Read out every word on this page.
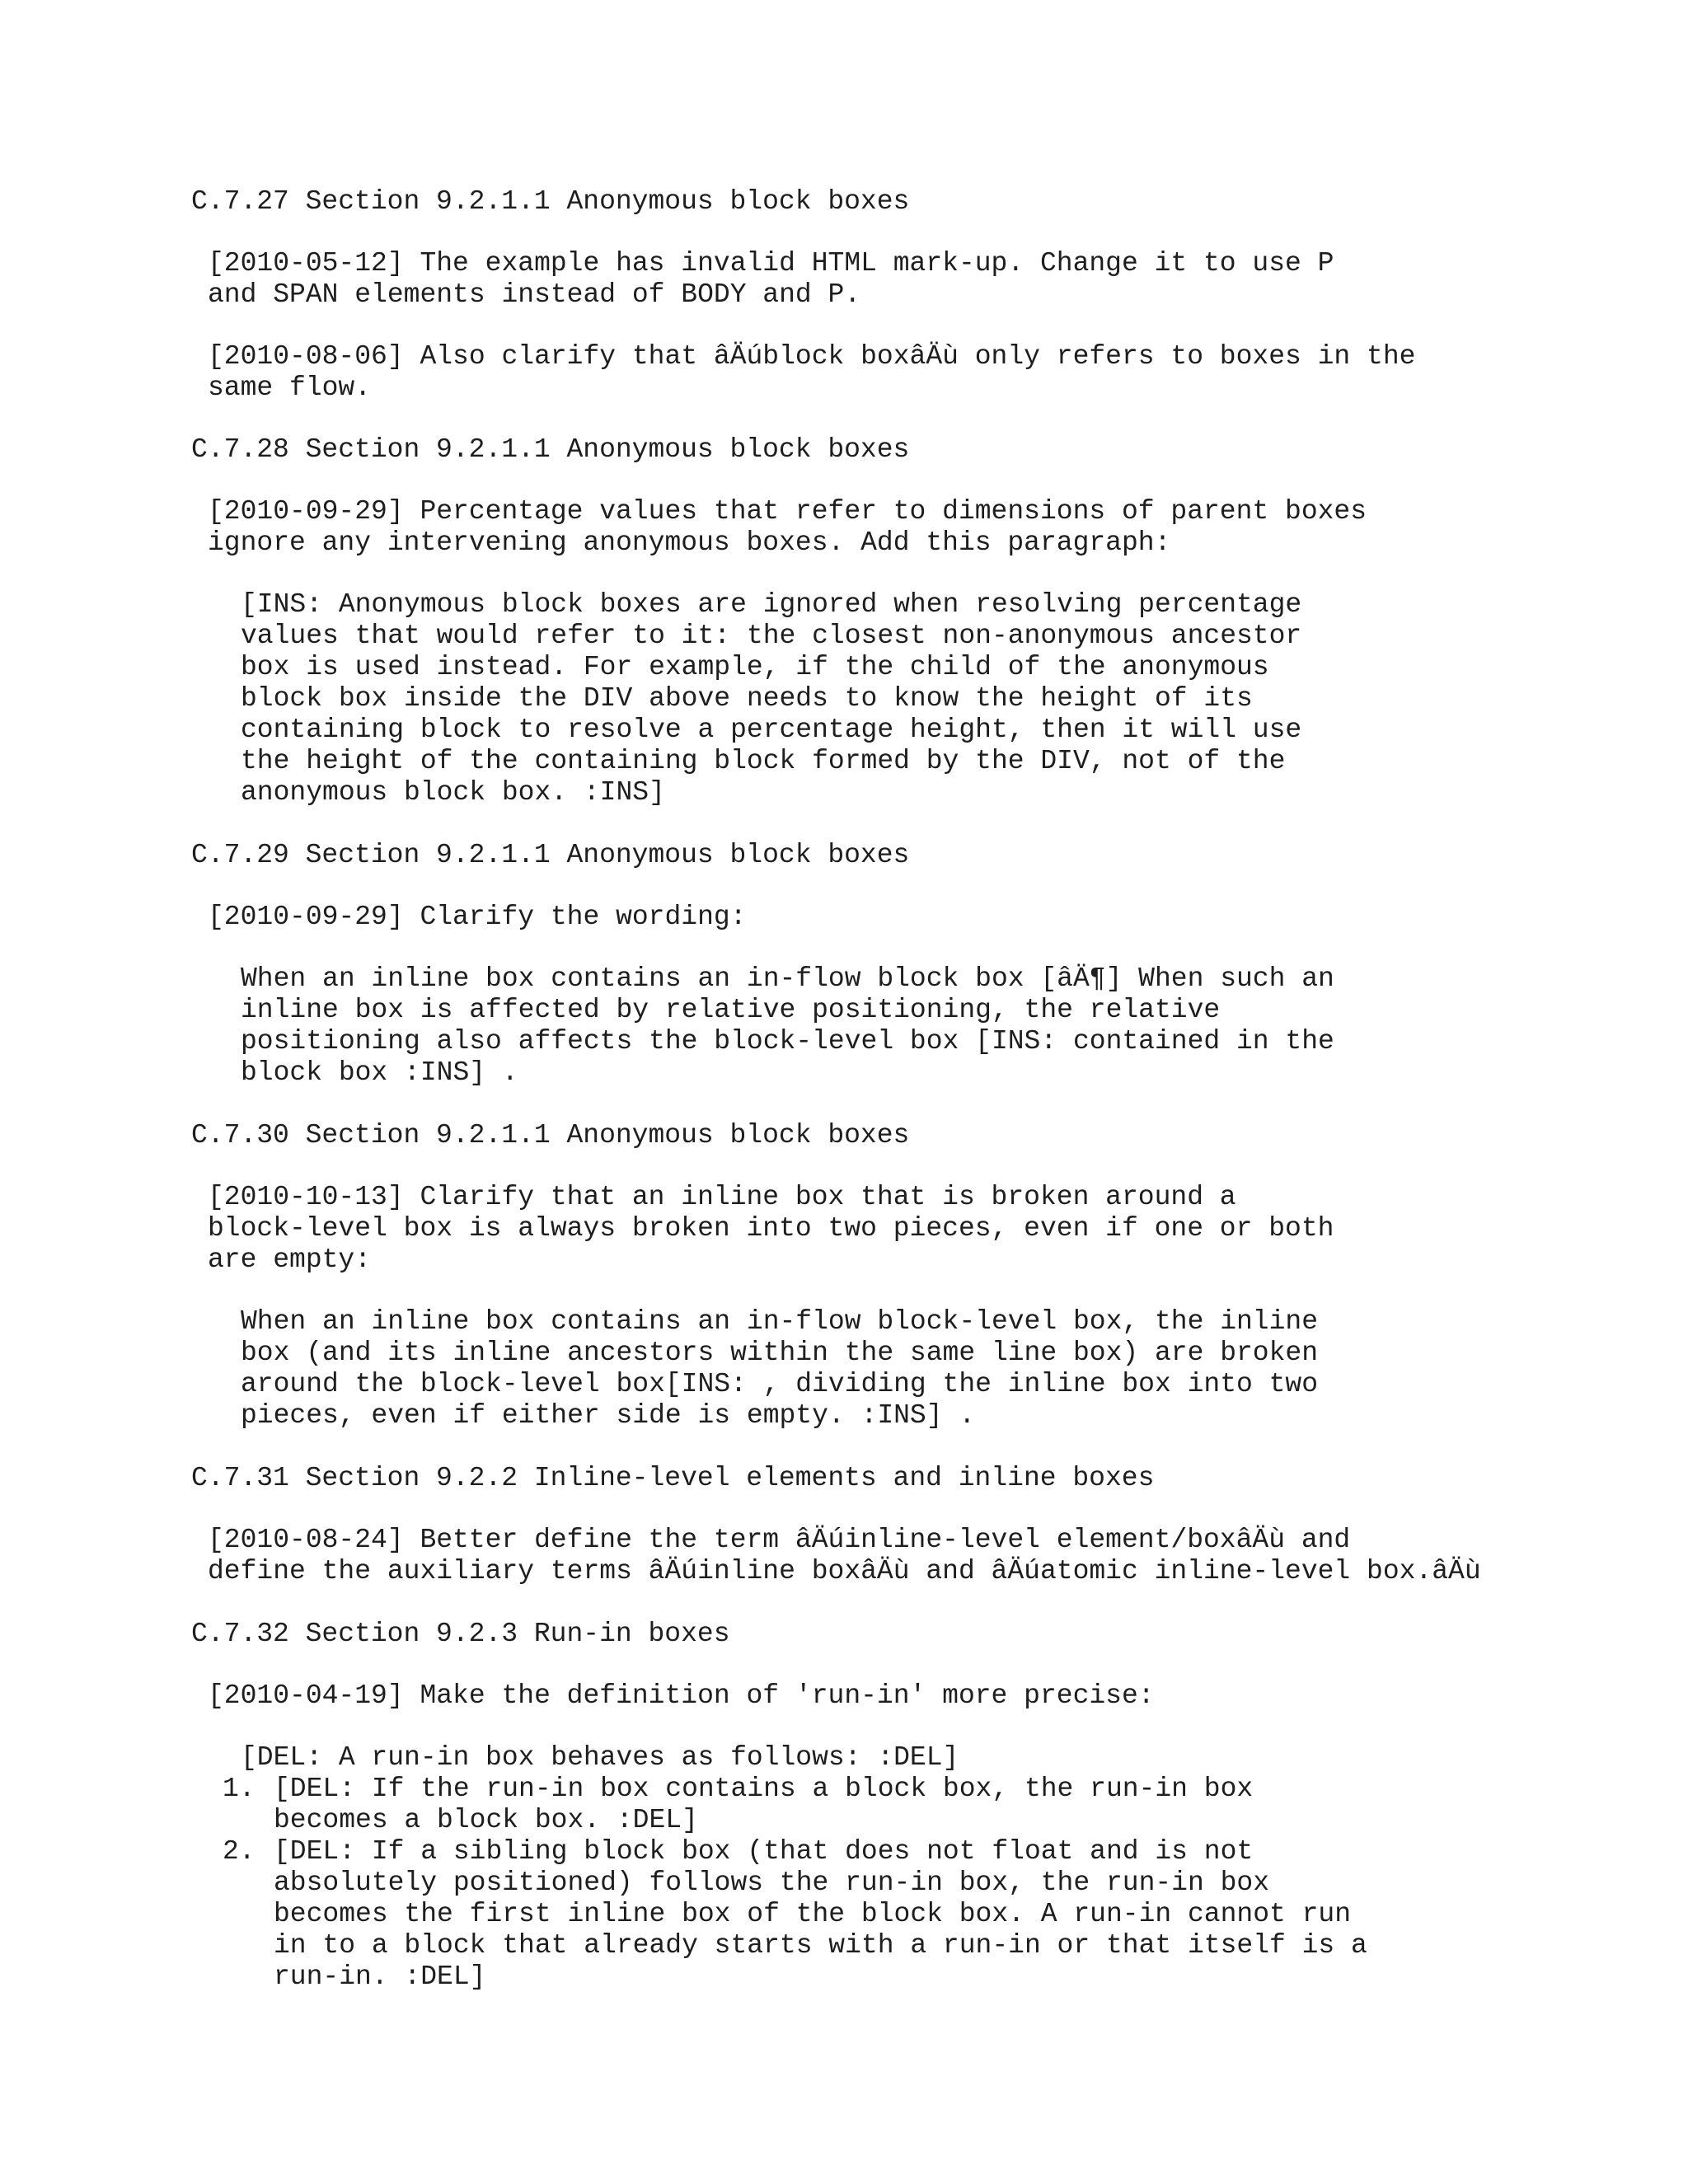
C.7.27 Section 9.2.1.1 Anonymous block boxes
[2010-05-12] The example has invalid HTML mark-up. Change it to use P
and SPAN elements instead of BODY and P.
[2010-08-06] Also clarify that âÄúblock boxâÄù only refers to boxes in the
same flow.
C.7.28 Section 9.2.1.1 Anonymous block boxes
[2010-09-29] Percentage values that refer to dimensions of parent boxes
ignore any intervening anonymous boxes. Add this paragraph:
[INS: Anonymous block boxes are ignored when resolving percentage
values that would refer to it: the closest non-anonymous ancestor
box is used instead. For example, if the child of the anonymous
block box inside the DIV above needs to know the height of its
containing block to resolve a percentage height, then it will use
the height of the containing block formed by the DIV, not of the
anonymous block box. :INS]
C.7.29 Section 9.2.1.1 Anonymous block boxes
[2010-09-29] Clarify the wording:
When an inline box contains an in-flow block box [âÄ¶] When such an
inline box is affected by relative positioning, the relative
positioning also affects the block-level box [INS: contained in the
block box :INS] .
C.7.30 Section 9.2.1.1 Anonymous block boxes
[2010-10-13] Clarify that an inline box that is broken around a
block-level box is always broken into two pieces, even if one or both
are empty:
When an inline box contains an in-flow block-level box, the inline
box (and its inline ancestors within the same line box) are broken
around the block-level box[INS: , dividing the inline box into two
pieces, even if either side is empty. :INS] .
C.7.31 Section 9.2.2 Inline-level elements and inline boxes
[2010-08-24] Better define the term âÄúinline-level element/boxâÄù and
define the auxiliary terms âÄúinline boxâÄù and âÄúatomic inline-level box.âÄù
C.7.32 Section 9.2.3 Run-in boxes
[2010-04-19] Make the definition of 'run-in' more precise:
[DEL: A run-in box behaves as follows: :DEL]
1. [DEL: If the run-in box contains a block box, the run-in box
becomes a block box. :DEL]
2. [DEL: If a sibling block box (that does not float and is not
absolutely positioned) follows the run-in box, the run-in box
becomes the first inline box of the block box. A run-in cannot run
in to a block that already starts with a run-in or that itself is a
run-in. :DEL]
